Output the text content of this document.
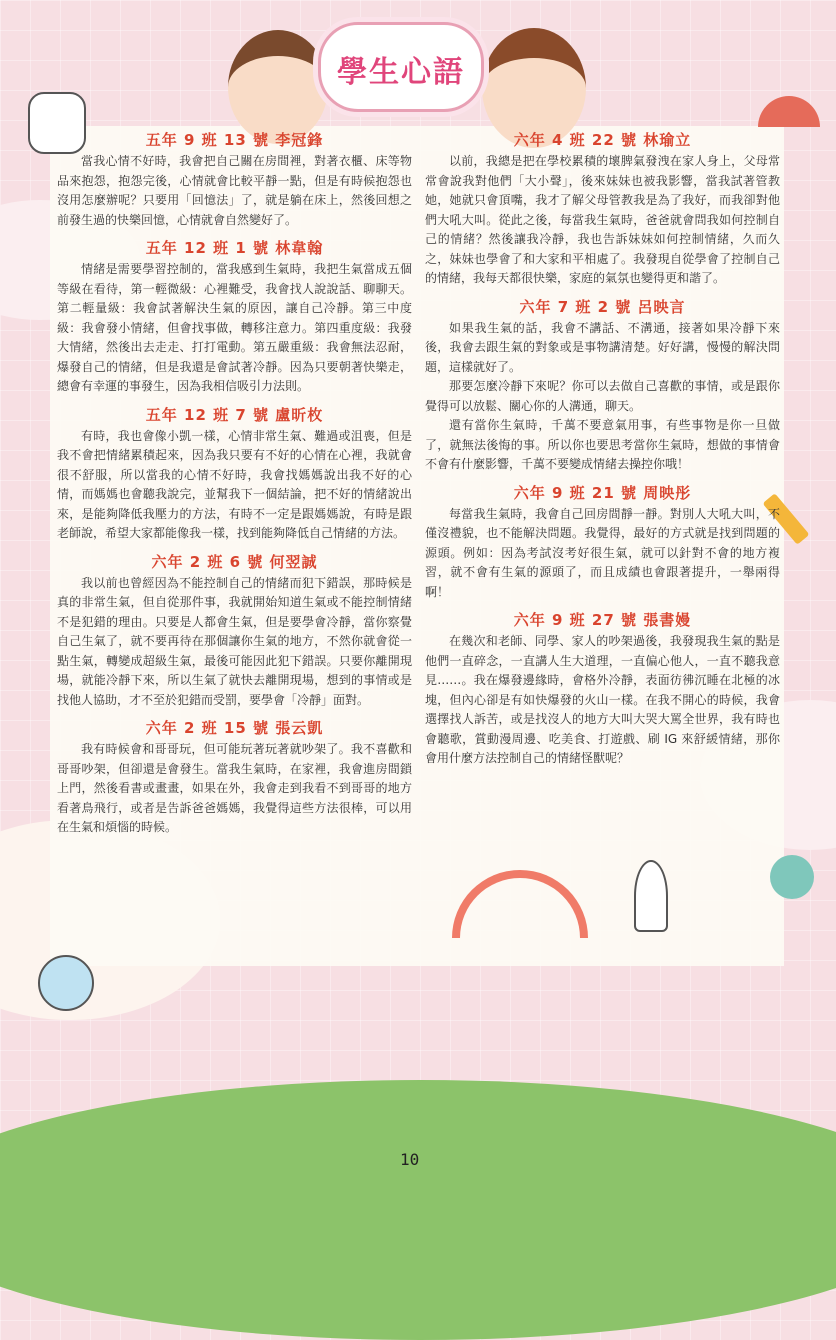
學生心語
10
五年 9 班 13 號 李冠鋒

當我心情不好時，我會把自己關在房間裡，對著衣櫃、床等物品來抱怨，抱怨完後，心情就會比較平靜一點，但是有時候抱怨也沒用怎麼辦呢？只要用「回憶法」了，就是躺在床上，然後回想之前發生過的快樂回憶，心情就會自然變好了。

五年 12 班 1 號 林韋翰

情緒是需要學習控制的，當我感到生氣時，我把生氣當成五個等級在看待，第一輕微級：心裡難受，我會找人說說話、聊聊天。第二輕量級：我會試著解決生氣的原因，讓自己冷靜。第三中度級：我會發小情緒，但會找事做，轉移注意力。第四重度級：我發大情緒，然後出去走走、打打電動。第五嚴重級：我會無法忍耐，爆發自己的情緒，但是我還是會試著冷靜。因為只要朝著快樂走，總會有幸運的事發生，因為我相信吸引力法則。

五年 12 班 7 號 盧昕枚

有時，我也會像小凱一樣，心情非常生氣、難過或沮喪，但是我不會把情緒累積起來，因為我只要有不好的心情在心裡，我就會很不舒服，所以當我的心情不好時，我會找媽媽說出我不好的心情，而媽媽也會聽我說完，並幫我下一個結論，把不好的情緒說出來，是能夠降低我壓力的方法，有時不一定是跟媽媽說，有時是跟老師說，希望大家都能像我一樣，找到能夠降低自己情緒的方法。

六年 2 班 6 號 何翌誠

我以前也曾經因為不能控制自己的情緒而犯下錯誤，那時候是真的非常生氣，但自從那件事，我就開始知道生氣或不能控制情緒不是犯錯的理由。只要是人都會生氣，但是要學會冷靜，當你察覺自己生氣了，就不要再待在那個讓你生氣的地方，不然你就會從一點生氣，轉變成超級生氣，最後可能因此犯下錯誤。只要你離開現場，就能冷靜下來，所以生氣了就快去離開現場，想到的事情或是找他人協助，才不至於犯錯而受罰，要學會「冷靜」面對。

六年 2 班 15 號 張云凱

我有時候會和哥哥玩，但可能玩著玩著就吵架了。我不喜歡和哥哥吵架，但卻還是會發生。當我生氣時，在家裡，我會進房間鎖上門，然後看書或畫畫，如果在外，我會走到我看不到哥哥的地方看著鳥飛行，或者是告訴爸爸媽媽，我覺得這些方法很棒，可以用在生氣和煩惱的時候。

六年 4 班 22 號 林瑜立

以前，我總是把在學校累積的壞脾氣發洩在家人身上，父母常常會說我對他們「大小聲」，後來妹妹也被我影響，當我試著管教她，她就只會頂嘴，我才了解父母管教我是為了我好，而我卻對他們大吼大叫。從此之後，每當我生氣時，爸爸就會問我如何控制自己的情緒？然後讓我冷靜，我也告訴妹妹如何控制情緒，久而久之，妹妹也學會了和大家和平相處了。我發現自從學會了控制自己的情緒，我每天都很快樂，家庭的氣氛也變得更和諧了。

六年 7 班 2 號 呂映言

如果我生氣的話，我會不講話、不溝通，接著如果冷靜下來後，我會去跟生氣的對象或是事物講清楚。好好講，慢慢的解決問題，這樣就好了。

那要怎麼冷靜下來呢？你可以去做自己喜歡的事情，或是跟你覺得可以放鬆、關心你的人溝通，聊天。

還有當你生氣時，千萬不要意氣用事，有些事物是你一旦做了，就無法後悔的事。所以你也要思考當你生氣時，想做的事情會不會有什麼影響，千萬不要變成情緒去操控你哦！

六年 9 班 21 號 周映彤

每當我生氣時，我會自己回房間靜一靜。對別人大吼大叫，不僅沒禮貌，也不能解決問題。我覺得，最好的方式就是找到問題的源頭。例如：因為考試沒考好很生氣，就可以針對不會的地方複習，就不會有生氣的源頭了，而且成績也會跟著提升，一舉兩得啊！

六年 9 班 27 號 張書嫚

在幾次和老師、同學、家人的吵架過後，我發現我生氣的點是他們一直碎念，一直講人生大道理，一直偏心他人，一直不聽我意見……。我在爆發邊緣時，會格外冷靜，表面彷彿沉睡在北極的冰塊，但內心卻是有如快爆發的火山一樣。在我不開心的時候，我會選擇找人訴苦，或是找沒人的地方大叫大哭大罵全世界，我有時也會聽歌，賞動漫周邊、吃美食、打遊戲、刷 IG 來舒緩情緒，那你會用什麼方法控制自己的情緒怪獸呢？
